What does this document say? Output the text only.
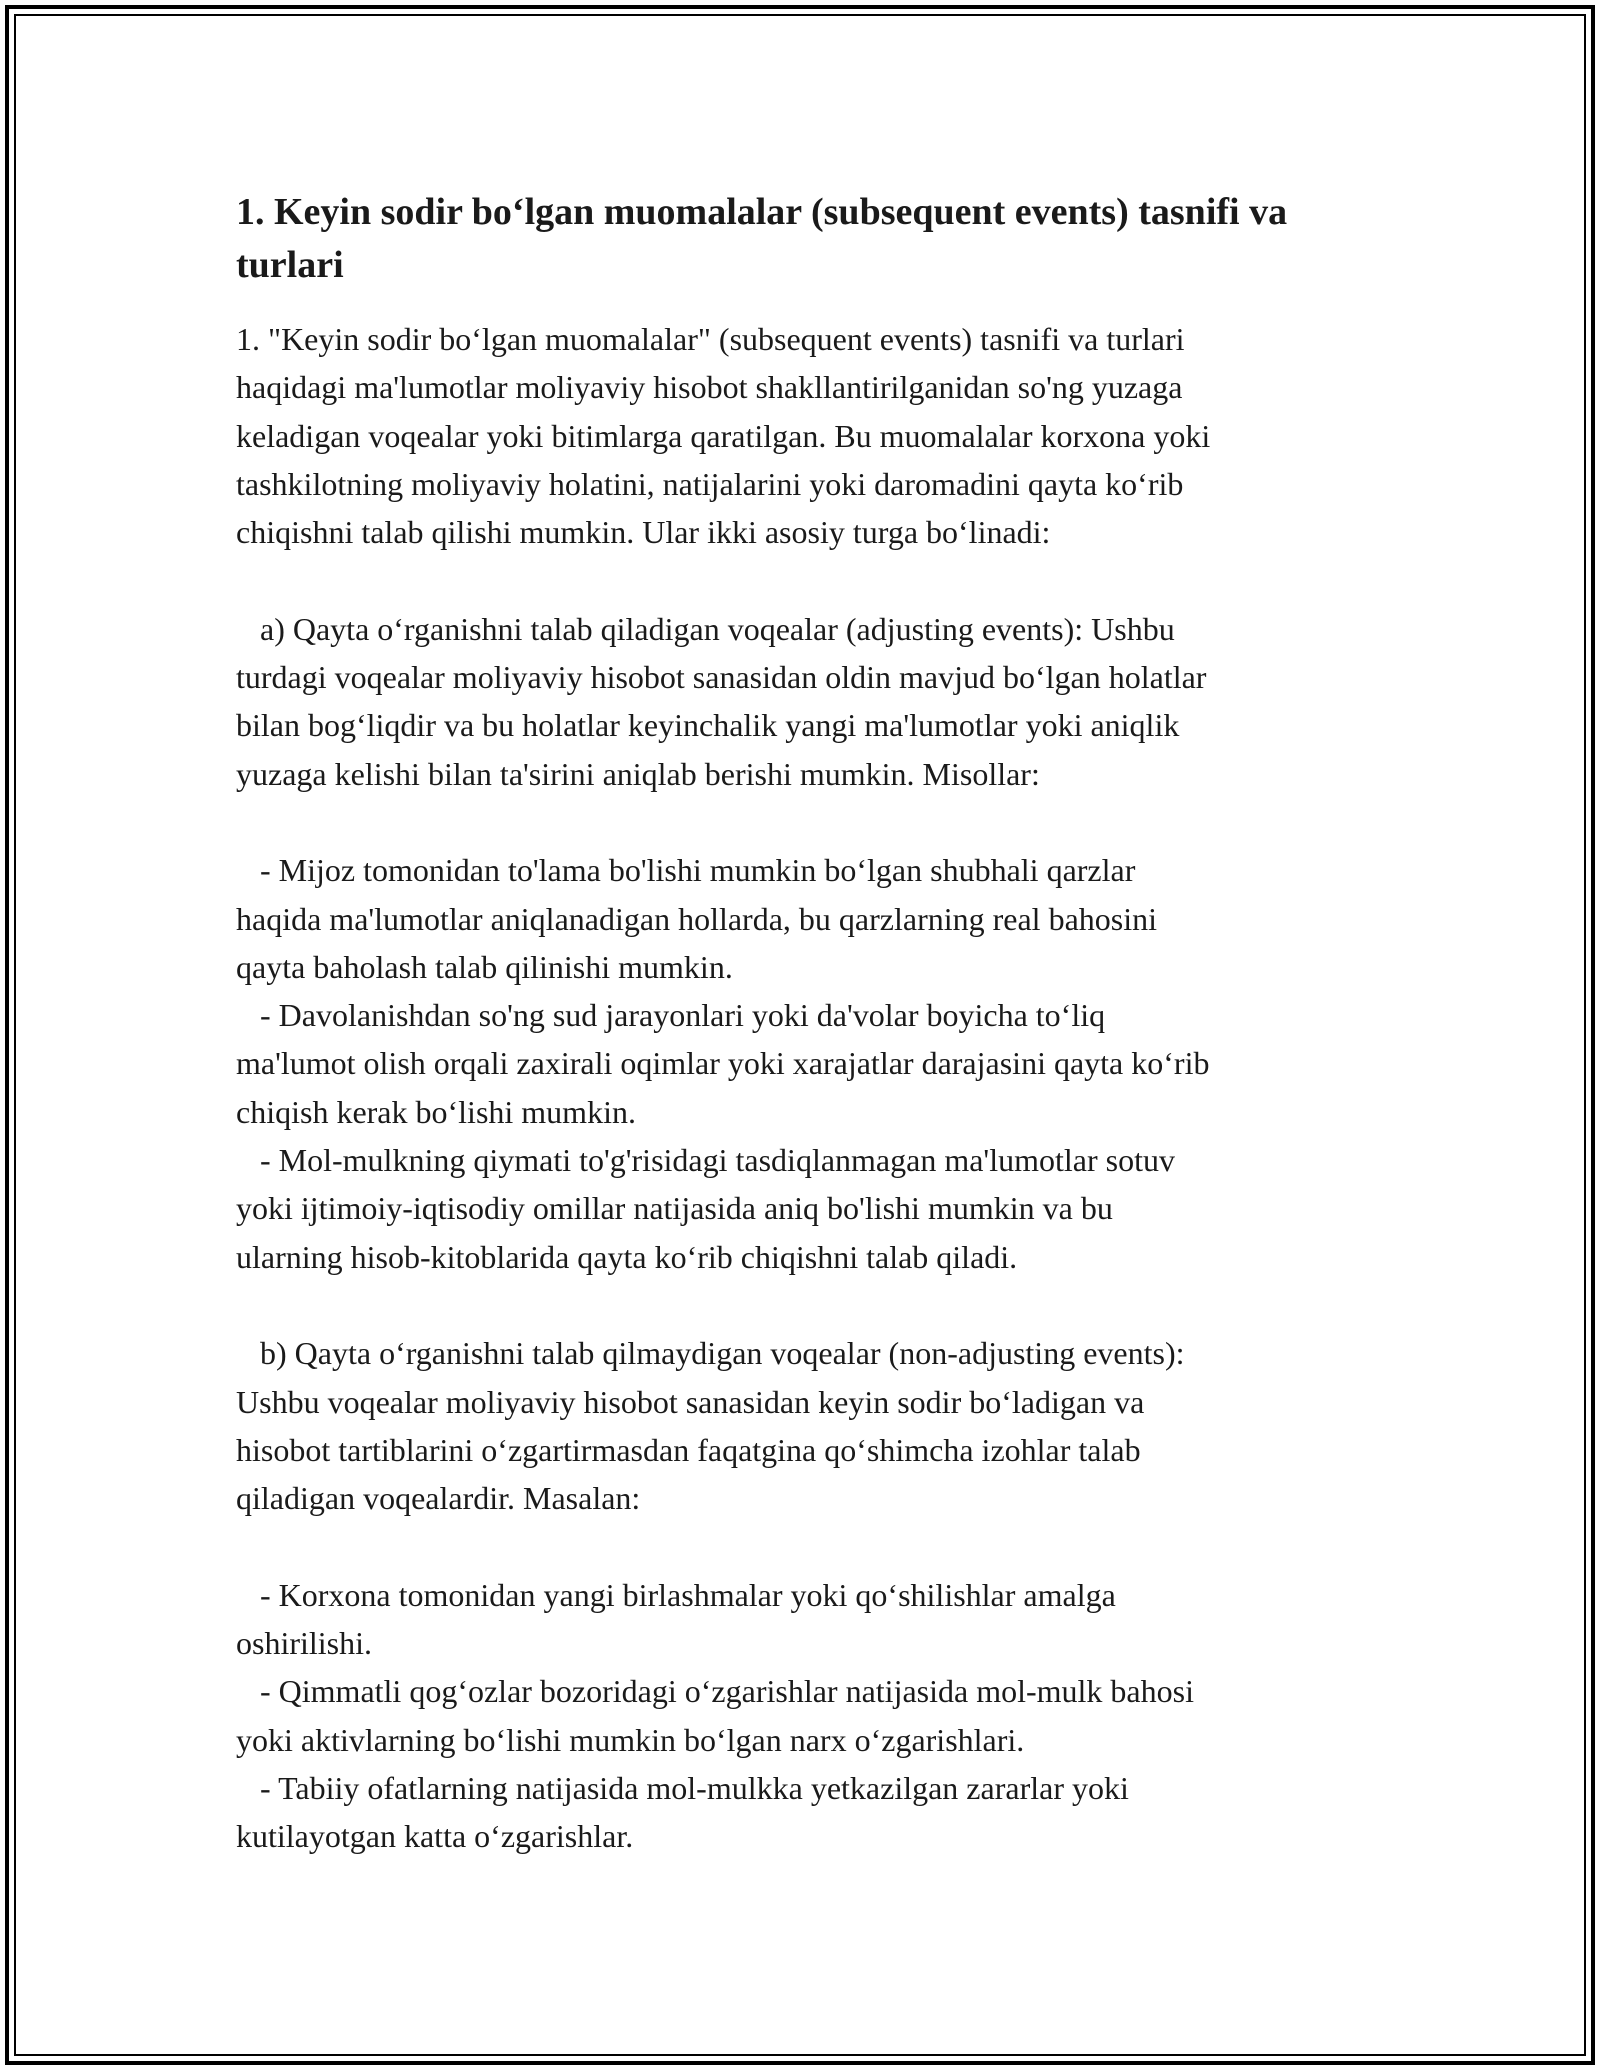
1. Keyin sodir bo‘lgan muomalalar (subsequent events) tasnifi va turlari

1. "Keyin sodir bo‘lgan muomalalar" (subsequent events) tasnifi va turlari
haqidagi ma'lumotlar moliyaviy hisobot shakllantirilganidan so'ng yuzaga
keladigan voqealar yoki bitimlarga qaratilgan. Bu muomalalar korxona yoki
tashkilotning moliyaviy holatini, natijalarini yoki daromadini qayta ko‘rib
chiqishni talab qilishi mumkin. Ular ikki asosiy turga bo‘linadi:

a) Qayta o‘rganishni talab qiladigan voqealar (adjusting events): Ushbu
turdagi voqealar moliyaviy hisobot sanasidan oldin mavjud bo‘lgan holatlar
bilan bog‘liqdir va bu holatlar keyinchalik yangi ma'lumotlar yoki aniqlik
yuzaga kelishi bilan ta'sirini aniqlab berishi mumkin. Misollar:

- Mijoz tomonidan to'lama bo'lishi mumkin bo‘lgan shubhali qarzlar
haqida ma'lumotlar aniqlanadigan hollarda, bu qarzlarning real bahosini
qayta baholash talab qilinishi mumkin.

- Davolanishdan so'ng sud jarayonlari yoki da'volar boyicha to‘liq
ma'lumot olish orqali zaxirali oqimlar yoki xarajatlar darajasini qayta ko‘rib
chiqish kerak bo‘lishi mumkin.

- Mol-mulkning qiymati to'g'risidagi tasdiqlanmagan ma'lumotlar sotuv
yoki ijtimoiy-iqtisodiy omillar natijasida aniq bo'lishi mumkin va bu
ularning hisob-kitoblarida qayta ko‘rib chiqishni talab qiladi.

b) Qayta o‘rganishni talab qilmaydigan voqealar (non-adjusting events):
Ushbu voqealar moliyaviy hisobot sanasidan keyin sodir bo‘ladigan va
hisobot tartiblarini o‘zgartirmasdan faqatgina qo‘shimcha izohlar talab
qiladigan voqealardir. Masalan:

- Korxona tomonidan yangi birlashmalar yoki qo‘shilishlar amalga
oshirilishi.

- Qimmatli qog‘ozlar bozoridagi o‘zgarishlar natijasida mol-mulk bahosi
yoki aktivlarning bo‘lishi mumkin bo‘lgan narx o‘zgarishlari.

- Tabiiy ofatlarning natijasida mol-mulkka yetkazilgan zararlar yoki
kutilayotgan katta o‘zgarishlar.
